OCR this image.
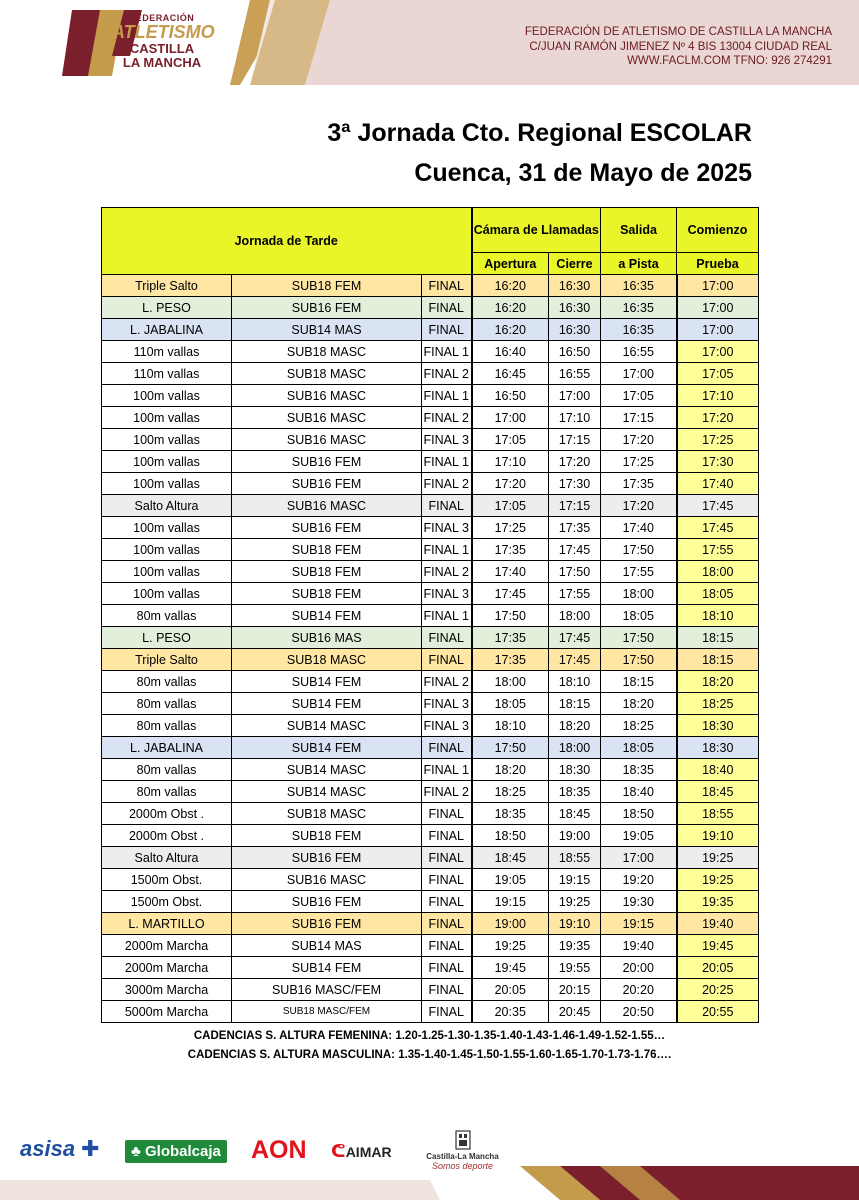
FEDERACIÓN
ATLETISMO
CASTILLA
LA MANCHA
FEDERACIÓN DE ATLETISMO DE CASTILLA LA MANCHA
C/JUAN RAMÓN JIMENEZ Nº 4 BIS 13004 CIUDAD REAL
WWW.FACLM.COM TFNO: 926 274291
3ª Jornada Cto. Regional ESCOLAR
Cuenca, 31 de Mayo de 2025
Jornada de Tarde			Cámara de Llamadas		Salida	Comienzo
			Apertura	Cierre	a Pista	Prueba
Triple Salto	SUB18 FEM	FINAL	16:20	16:30	16:35	17:00
L. PESO	SUB16 FEM	FINAL	16:20	16:30	16:35	17:00
L. JABALINA	SUB14 MAS	FINAL	16:20	16:30	16:35	17:00
110m vallas	SUB18 MASC	FINAL 1	16:40	16:50	16:55	17:00
110m vallas	SUB18 MASC	FINAL 2	16:45	16:55	17:00	17:05
100m vallas	SUB16 MASC	FINAL 1	16:50	17:00	17:05	17:10
100m vallas	SUB16 MASC	FINAL 2	17:00	17:10	17:15	17:20
100m vallas	SUB16 MASC	FINAL 3	17:05	17:15	17:20	17:25
100m vallas	SUB16 FEM	FINAL 1	17:10	17:20	17:25	17:30
100m vallas	SUB16 FEM	FINAL 2	17:20	17:30	17:35	17:40
Salto Altura	SUB16 MASC	FINAL	17:05	17:15	17:20	17:45
100m vallas	SUB16 FEM	FINAL 3	17:25	17:35	17:40	17:45
100m vallas	SUB18 FEM	FINAL 1	17:35	17:45	17:50	17:55
100m vallas	SUB18 FEM	FINAL 2	17:40	17:50	17:55	18:00
100m vallas	SUB18 FEM	FINAL 3	17:45	17:55	18:00	18:05
80m vallas	SUB14 FEM	FINAL 1	17:50	18:00	18:05	18:10
L. PESO	SUB16 MAS	FINAL	17:35	17:45	17:50	18:15
Triple Salto	SUB18 MASC	FINAL	17:35	17:45	17:50	18:15
80m vallas	SUB14 FEM	FINAL 2	18:00	18:10	18:15	18:20
80m vallas	SUB14 FEM	FINAL 3	18:05	18:15	18:20	18:25
80m vallas	SUB14 MASC	FINAL 3	18:10	18:20	18:25	18:30
L. JABALINA	SUB14 FEM	FINAL	17:50	18:00	18:05	18:30
80m vallas	SUB14 MASC	FINAL 1	18:20	18:30	18:35	18:40
80m vallas	SUB14 MASC	FINAL 2	18:25	18:35	18:40	18:45
2000m Obst .	SUB18 MASC	FINAL	18:35	18:45	18:50	18:55
2000m Obst .	SUB18 FEM	FINAL	18:50	19:00	19:05	19:10
Salto Altura	SUB16 FEM	FINAL	18:45	18:55	17:00	19:25
1500m Obst.	SUB16 MASC	FINAL	19:05	19:15	19:20	19:25
1500m Obst.	SUB16 FEM	FINAL	19:15	19:25	19:30	19:35
L. MARTILLO	SUB16 FEM	FINAL	19:00	19:10	19:15	19:40
2000m Marcha	SUB14 MAS	FINAL	19:25	19:35	19:40	19:45
2000m Marcha	SUB14 FEM	FINAL	19:45	19:55	20:00	20:05
3000m Marcha	SUB16 MASC/FEM	FINAL	20:05	20:15	20:20	20:25
5000m Marcha	SUB18 MASC/FEM	FINAL	20:35	20:45	20:50	20:55
CADENCIAS S. ALTURA FEMENINA: 1.20-1.25-1.30-1.35-1.40-1.43-1.46-1.49-1.52-1.55…
CADENCIAS S. ALTURA MASCULINA: 1.35-1.40-1.45-1.50-1.55-1.60-1.65-1.70-1.73-1.76….
asisa ✚	♣ Globalcaja AON ᕦAIMAR	Castilla-La Mancha
Somos deporte
